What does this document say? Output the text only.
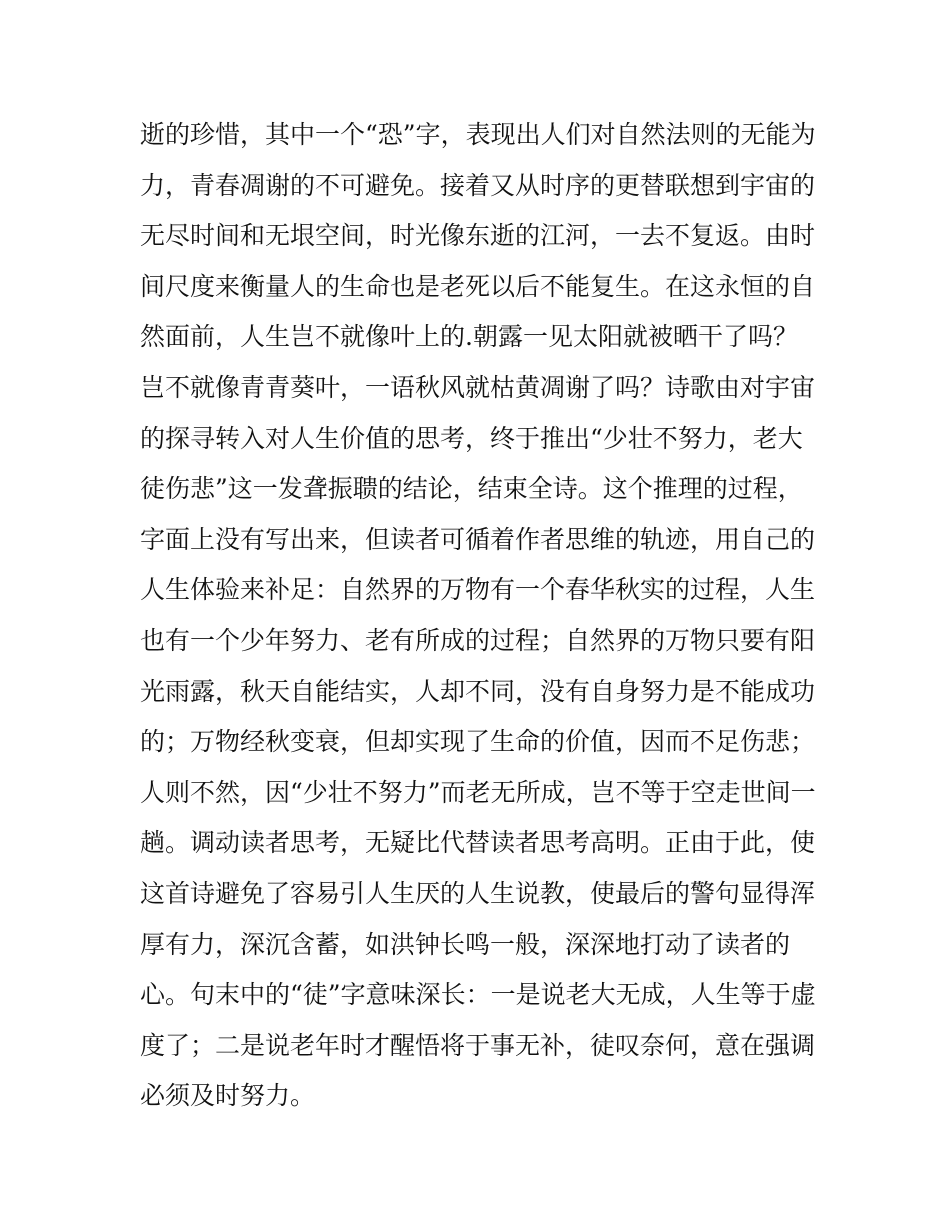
逝的珍惜，其中一个“恐”字，表现出人们对自然法则的无能为
力，青春凋谢的不可避免。接着又从时序的更替联想到宇宙的
无尽时间和无垠空间，时光像东逝的江河，一去不复返。由时
间尺度来衡量人的生命也是老死以后不能复生。在这永恒的自
然面前，人生岂不就像叶上的.朝露一见太阳就被晒干了吗？
岂不就像青青葵叶，一语秋风就枯黄凋谢了吗？诗歌由对宇宙
的探寻转入对人生价值的思考，终于推出“少壮不努力，老大
徒伤悲”这一发聋振聩的结论，结束全诗。这个推理的过程，
字面上没有写出来，但读者可循着作者思维的轨迹，用自己的
人生体验来补足：自然界的万物有一个春华秋实的过程，人生
也有一个少年努力、老有所成的过程；自然界的万物只要有阳
光雨露，秋天自能结实，人却不同，没有自身努力是不能成功
的；万物经秋变衰，但却实现了生命的价值，因而不足伤悲；
人则不然，因“少壮不努力”而老无所成，岂不等于空走世间一
趟。调动读者思考，无疑比代替读者思考高明。正由于此，使
这首诗避免了容易引人生厌的人生说教，使最后的警句显得浑
厚有力，深沉含蓄，如洪钟长鸣一般，深深地打动了读者的
心。句末中的“徒”字意味深长：一是说老大无成，人生等于虚
度了；二是说老年时才醒悟将于事无补，徒叹奈何，意在强调
必须及时努力。
